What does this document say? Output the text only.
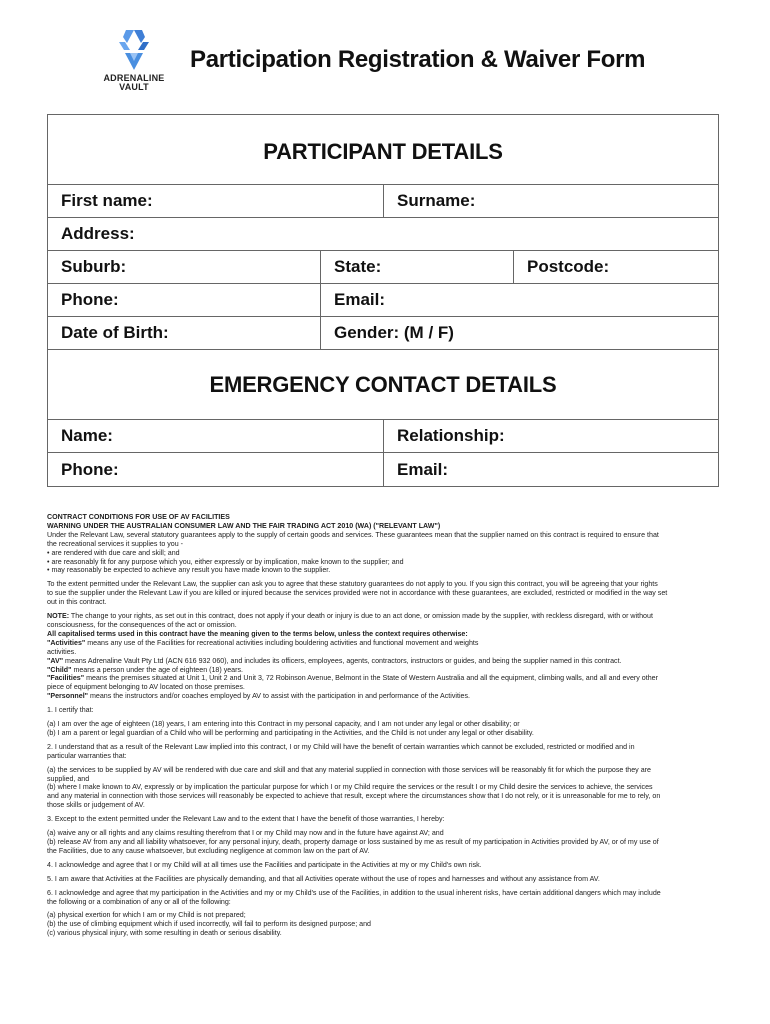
ADRENALINE
VAULT
Participation Registration & Waiver Form
PARTICIPANT DETAILS
First name:	Surname:
Address:
Suburb:	State:	Postcode:
Phone:	Email:
Date of Birth:	Gender: (M / F)
EMERGENCY CONTACT DETAILS
Name:	Relationship:
Phone:	Email:

CONTRACT CONDITIONS FOR USE OF AV FACILITIES
WARNING UNDER THE AUSTRALIAN CONSUMER LAW AND THE FAIR TRADING ACT 2010 (WA) ("RELEVANT LAW")
Under the Relevant Law, several statutory guarantees apply to the supply of certain goods and services. These guarantees mean that the supplier named on this contract is required to ensure that
the recreational services it supplies to you -
• are rendered with due care and skill; and
• are reasonably fit for any purpose which you, either expressly or by implication, make known to the supplier; and
• may reasonably be expected to achieve any result you have made known to the supplier.

To the extent permitted under the Relevant Law, the supplier can ask you to agree that these statutory guarantees do not apply to you. If you sign this contract, you will be agreeing that your rights
to sue the supplier under the Relevant Law if you are killed or injured because the services provided were not in accordance with these guarantees, are excluded, restricted or modified in the way set
out in this contract.

NOTE: The change to your rights, as set out in this contract, does not apply if your death or injury is due to an act done, or omission made by the supplier, with reckless disregard, with or without
consciousness, for the consequences of the act or omission.
All capitalised terms used in this contract have the meaning given to the terms below, unless the context requires otherwise:
"Activities" means any use of the Facilities for recreational activities including bouldering activities and functional movement and weights
activities.
"AV" means Adrenaline Vault Pty Ltd (ACN 616 932 060), and includes its officers, employees, agents, contractors, instructors or guides, and being the supplier named in this contract.
"Child" means a person under the age of eighteen (18) years.
"Facilities" means the premises situated at Unit 1, Unit 2 and Unit 3, 72 Robinson Avenue, Belmont in the State of Western Australia and all the equipment, climbing walls, and all and every other
piece of equipment belonging to AV located on those premises.
"Personnel" means the instructors and/or coaches employed by AV to assist with the participation in and performance of the Activities.

1. I certify that:

(a) I am over the age of eighteen (18) years, I am entering into this Contract in my personal capacity, and I am not under any legal or other disability; or
(b) I am a parent or legal guardian of a Child who will be performing and participating in the Activities, and the Child is not under any legal or other disability.

2. I understand that as a result of the Relevant Law implied into this contract, I or my Child will have the benefit of certain warranties which cannot be excluded, restricted or modified and in
particular warranties that:

(a) the services to be supplied by AV will be rendered with due care and skill and that any material supplied in connection with those services will be reasonably fit for which the purpose they are
supplied, and
(b) where I make known to AV, expressly or by implication the particular purpose for which I or my Child require the services or the result I or my Child desire the services to achieve, the services
and any material in connection with those services will reasonably be expected to achieve that result, except where the circumstances show that I do not rely, or it is unreasonable for me to rely, on
those skills or judgement of AV.

3. Except to the extent permitted under the Relevant Law and to the extent that I have the benefit of those warranties, I hereby:

(a) waive any or all rights and any claims resulting therefrom that I or my Child may now and in the future have against AV; and
(b) release AV from any and all liability whatsoever, for any personal injury, death, property damage or loss sustained by me as result of my participation in Activities provided by AV, or of my use of
the Facilities, due to any cause whatsoever, but excluding negligence at common law on the part of AV.

4. I acknowledge and agree that I or my Child will at all times use the Facilities and participate in the Activities at my or my Child's own risk.

5. I am aware that Activities at the Facilities are physically demanding, and that all Activities operate without the use of ropes and harnesses and without any assistance from AV.

6. I acknowledge and agree that my participation in the Activities and my or my Child's use of the Facilities, in addition to the usual inherent risks, have certain additional dangers which may include
the following or a combination of any or all of the following:

(a) physical exertion for which I am or my Child is not prepared;
(b) the use of climbing equipment which if used incorrectly, will fail to perform its designed purpose; and
(c) various physical injury, with some resulting in death or serious disability.
